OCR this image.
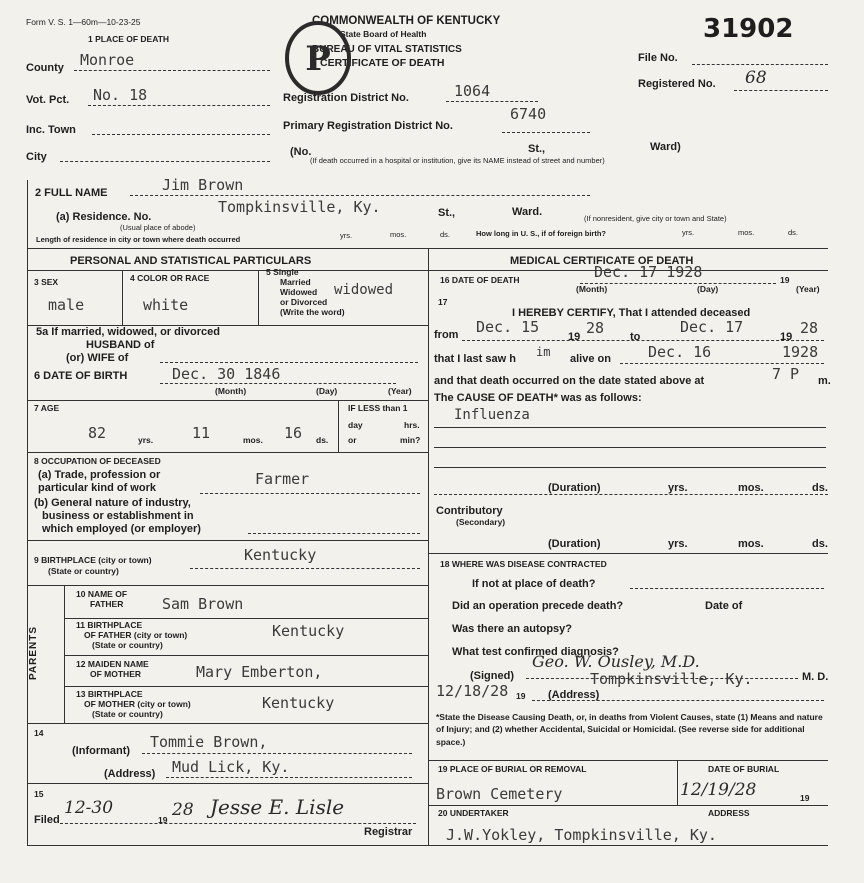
Form V. S. 1—60m—10-23-25
1 PLACE OF DEATH
COMMONWEALTH OF KENTUCKY
State Board of Health
BUREAU OF VITAL STATISTICS
CERTIFICATE OF DEATH
P
31902
File No.
Registered No. 68
County Monroe
Vot. Pct. No. 18	Registration District No.	1064
Inc. Town	Primary Registration District No.
6740
City	(No.	St.,	Ward)
(If death occurred in a hospital or institution, give its NAME instead of street and number)
2 FULL NAME	Jim Brown
(a) Residence. No.
Tompkinsville, Ky.	St.,	Ward.
(If nonresident, give city or town and State)
(Usual place of abode)
Length of residence in city or town where death occurred	yrs.	mos.	ds.	How long in U. S., if of foreign birth?	yrs.	mos.	ds.
PERSONAL AND STATISTICAL PARTICULARS
3 SEX
male
4 COLOR OR RACE
white
5 Single
Married
Widowed
or Divorced
(Write the word)
widowed
5a If married, widowed, or divorced
HUSBAND of
(or) WIFE of
6 DATE OF BIRTH	Dec. 30 1846
(Month)	(Day)	(Year)
7 AGE
82	yrs.	11	mos. 16 ds.
IF LESS than 1
day	hrs.
or	min?
8 OCCUPATION OF DECEASED
(a) Trade, profession or
particular kind of work	Farmer
(b) General nature of industry,
business or establishment in
which employed (or employer)
9 BIRTHPLACE (city or town)
(State or country)
Kentucky
PARENTS
10 NAME OF
FATHER	Sam Brown
11 BIRTHPLACE
OF FATHER (city or town)
(State or country)
Kentucky
12 MAIDEN NAME
OF MOTHER	Mary Emberton,
13 BIRTHPLACE
OF MOTHER (city or town)
(State or country)
Kentucky
14
(Informant) Tommie Brown,
(Address) Mud Lick, Ky.
15
Filed
12-30
19 28 Jesse E. Lisle
Registrar
MEDICAL CERTIFICATE OF DEATH
16 DATE OF DEATH	Dec. 17 1928	19
(Month)	(Day)	(Year)
17
I HEREBY CERTIFY, That I attended deceased
from Dec. 15
19 28 to
Dec. 17
19 28
that I last saw h im alive on Dec. 16	1928
and that death occurred on the date stated above at	7 P m.
The CAUSE OF DEATH* was as follows:
Influenza
(Duration)	yrs.	mos.	ds.
Contributory
(Secondary)
(Duration)	yrs.	mos.	ds.
18 WHERE WAS DISEASE CONTRACTED
If not at place of death?
Did an operation precede death?	Date of
Was there an autopsy?
What test confirmed diagnosis?
(Signed)
Geo. W. Ousley, M.D.
M. D.
12/18/28 19 (Address)
Tompkinsville, Ky.
*State the Disease Causing Death, or, in deaths from Violent Causes, state (1) Means and nature of Injury; and (2) whether Accidental, Suicidal or Homicidal. (See reverse side for additional space.)
19 PLACE OF BURIAL OR REMOVAL
Brown Cemetery
DATE OF BURIAL
12/19/28	19
20 UNDERTAKER	ADDRESS
J.W.Yokley, Tompkinsville, Ky.
